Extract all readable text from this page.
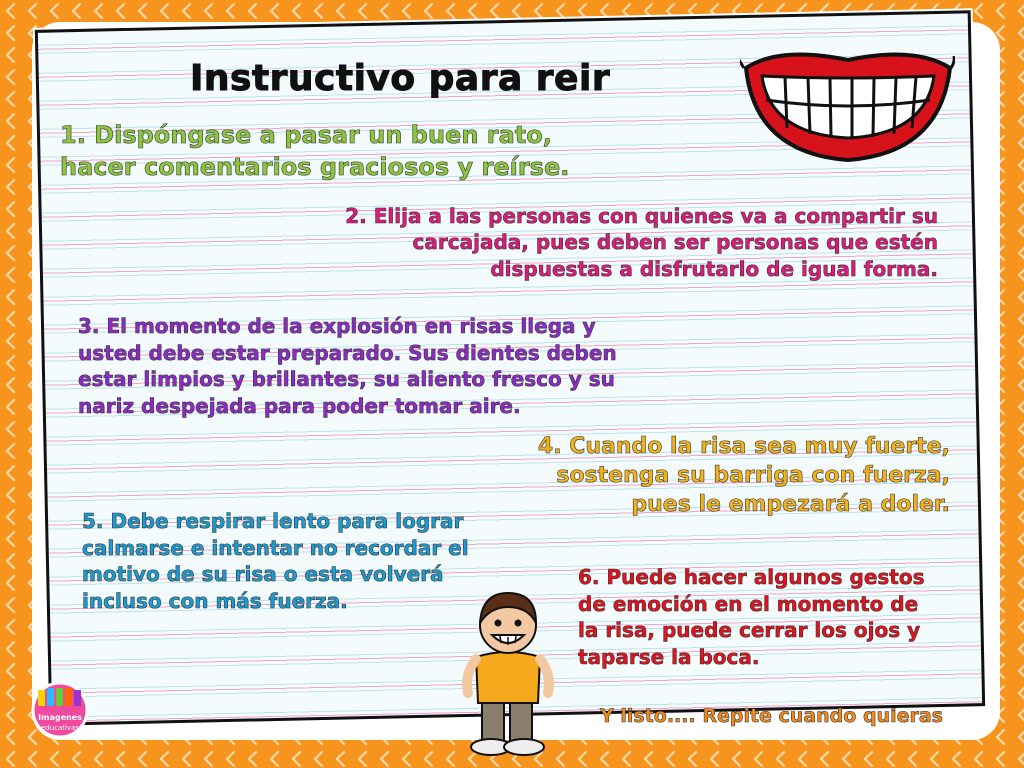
Instructivo para reir

1. Dispóngase a pasar un buen rato,
hacer comentarios graciosos y reírse.

2. Elija a las personas con quienes va a compartir su
carcajada, pues deben ser personas que estén
dispuestas a disfrutarlo de igual forma.

3. El momento de la explosión en risas llega y
usted debe estar preparado. Sus dientes deben
estar limpios y brillantes, su aliento fresco y su
nariz despejada para poder tomar aire.

4. Cuando la risa sea muy fuerte,
sostenga su barriga con fuerza,
pues le empezará a doler.

5. Debe respirar lento para lograr
calmarse e intentar no recordar el
motivo de su risa o esta volverá
incluso con más fuerza.

6. Puede hacer algunos gestos
de emoción en el momento de
la risa, puede cerrar los ojos y
taparse la boca.

Y listo.... Repite cuando quieras

Imagenes
educativas
